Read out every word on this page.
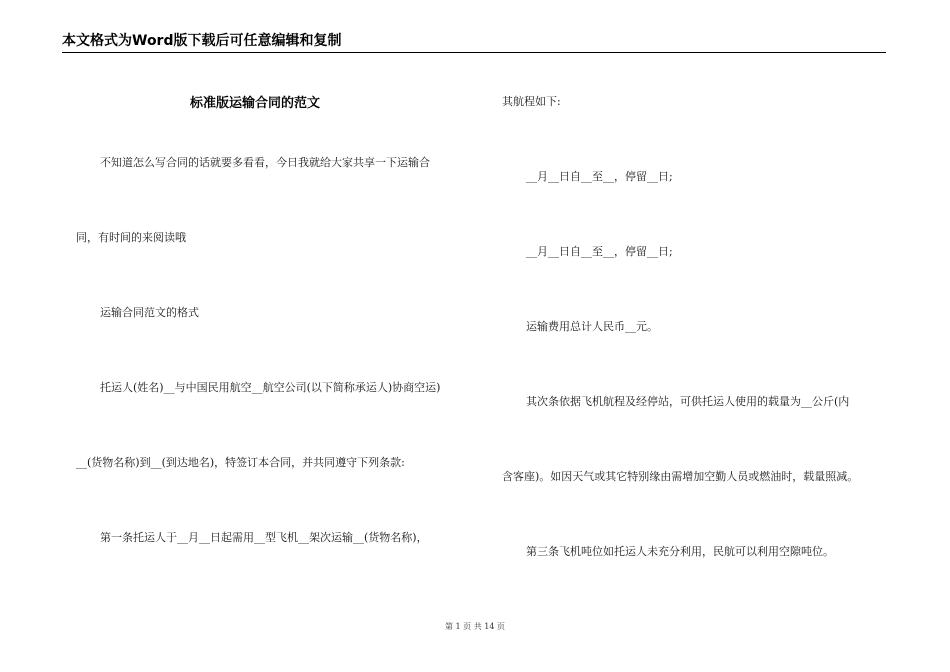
本文格式为Word版下载后可任意编辑和复制
标准版运输合同的范文
不知道怎么写合同的话就要多看看，今日我就给大家共享一下运输合
同，有时间的来阅读哦
运输合同范文的格式
托运人(姓名)__与中国民用航空__航空公司(以下简称承运人)协商空运)
__(货物名称)到__(到达地名)，特签订本合同，并共同遵守下列条款:
第一条托运人于__月__日起需用__型飞机__架次运输__(货物名称)，
其航程如下:
__月__日自__至__，停留__日;
__月__日自__至__，停留__日;
运输费用总计人民币__元。
其次条依据飞机航程及经停站，可供托运人使用的载量为__公斤(内
含客座)。如因天气或其它特别缘由需增加空勤人员或燃油时，载量照减。
第三条飞机吨位如托运人未充分利用，民航可以利用空隙吨位。
第 1 页 共 14 页
